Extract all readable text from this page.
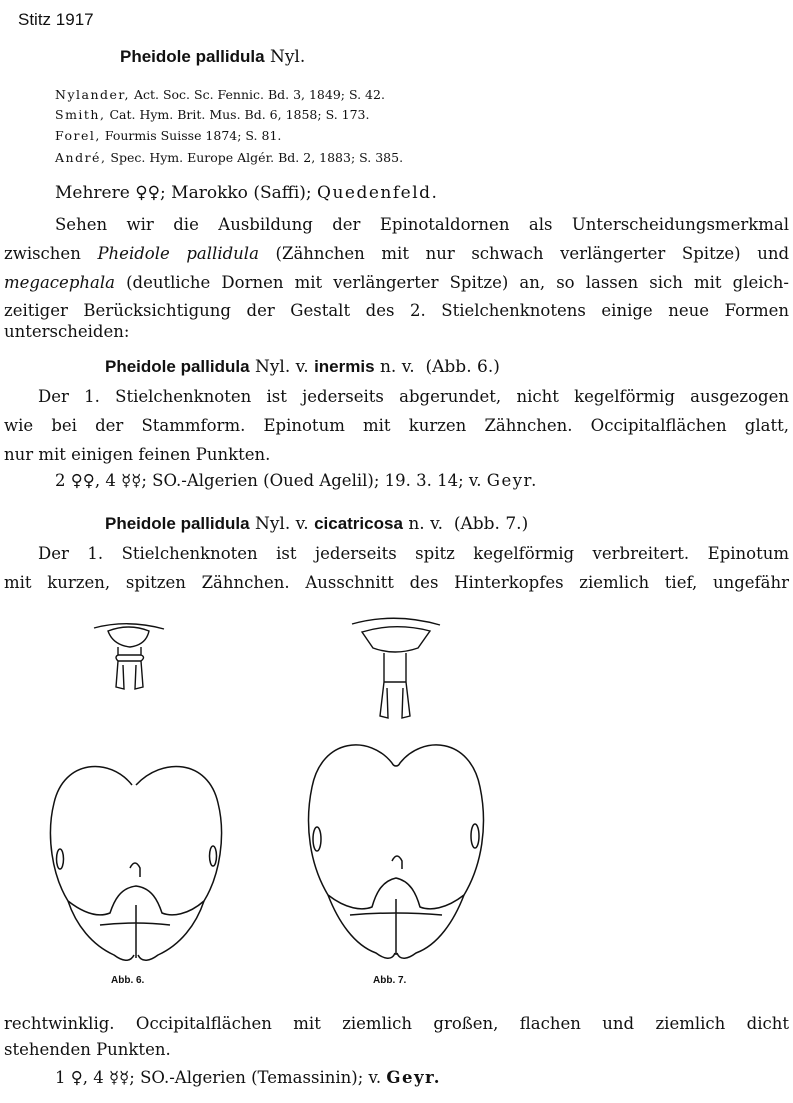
Stitz 1917
Pheidole pallidula Nyl.
Nylander, Act. Soc. Sc. Fennic. Bd. 3, 1849; S. 42.
Smith, Cat. Hym. Brit. Mus. Bd. 6, 1858; S. 173.
Forel, Fourmis Suisse 1874; S. 81.
André, Spec. Hym. Europe Algér. Bd. 2, 1883; S. 385.
Mehrere ♀♀; Marokko (Saffi); Quedenfeld.
Sehen wir die Ausbildung der Epinotaldornen als Unterscheidungsmerkmal
zwischen Pheidole pallidula (Zähnchen mit nur schwach verlängerter Spitze) und
megacephala (deutliche Dornen mit verlängerter Spitze) an, so lassen sich mit gleich-
zeitiger Berücksichtigung der Gestalt des 2. Stielchenknotens einige neue Formen
unterscheiden:
Pheidole pallidula Nyl. v. inermis n. v. (Abb. 6.)
Der 1. Stielchenknoten ist jederseits abgerundet, nicht kegelförmig ausgezogen
wie bei der Stammform. Epinotum mit kurzen Zähnchen. Occipitalflächen glatt,
nur mit einigen feinen Punkten.
2 ♀♀, 4 ☿☿; SO.-Algerien (Oued Agelil); 19. 3. 14; v. Geyr.
Pheidole pallidula Nyl. v. cicatricosa n. v. (Abb. 7.)
Der 1. Stielchenknoten ist jederseits spitz kegelförmig verbreitert. Epinotum
mit kurzen, spitzen Zähnchen. Ausschnitt des Hinterkopfes ziemlich tief, ungefähr
Abb. 6.	Abb. 7.
rechtwinklig. Occipitalflächen mit ziemlich großen, flachen und ziemlich dicht
stehenden Punkten.
1 ♀, 4 ☿☿; SO.-Algerien (Temassinin); v. Geyr.
